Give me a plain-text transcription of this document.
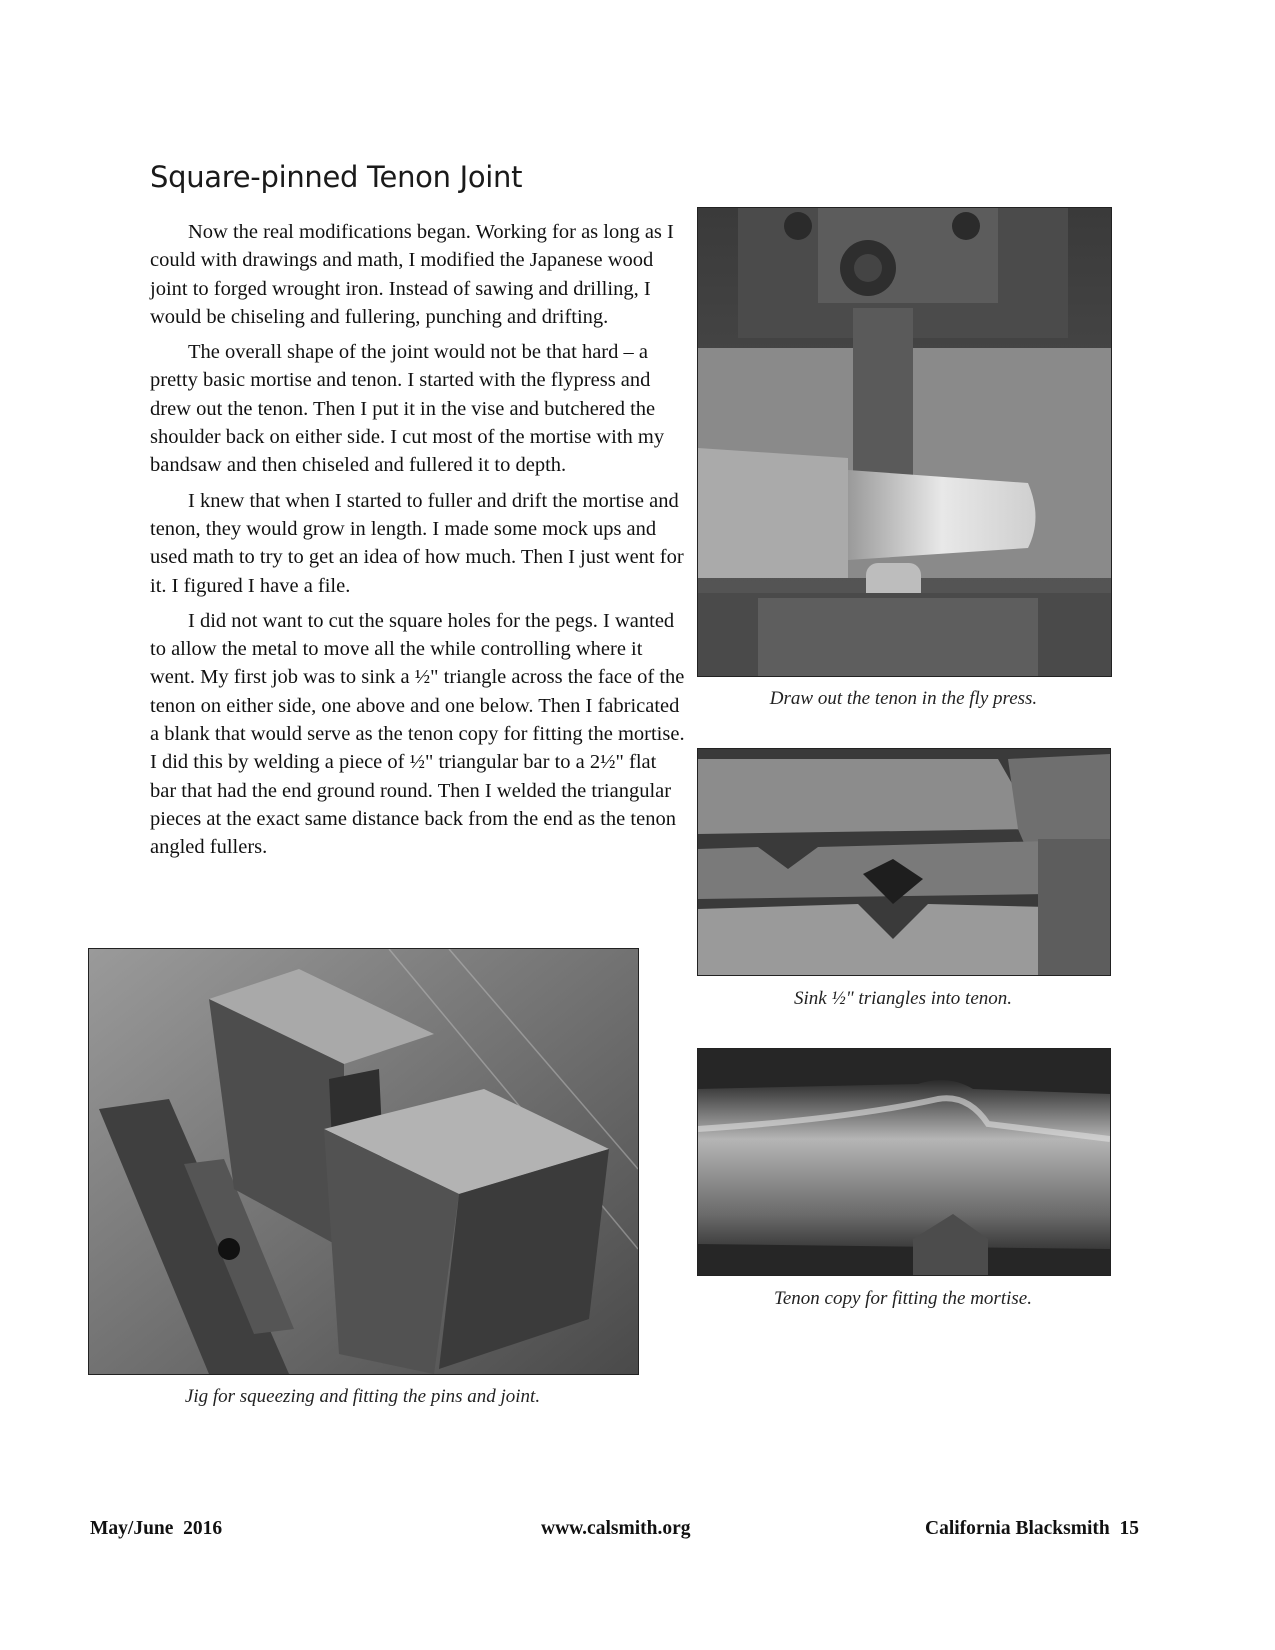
Square-pinned Tenon Joint

Now the real modifications began. Working for as long as I could with drawings and math, I modified the Japanese wood joint to forged wrought iron. Instead of sawing and drilling, I would be chiseling and fullering, punching and drifting.

The overall shape of the joint would not be that hard – a pretty basic mortise and tenon. I started with the flypress and drew out the tenon. Then I put it in the vise and butchered the shoulder back on either side. I cut most of the mortise with my bandsaw and then chiseled and fullered it to depth.

I knew that when I started to fuller and drift the mortise and tenon, they would grow in length. I made some mock ups and used math to try to get an idea of how much. Then I just went for it. I figured I have a file.

I did not want to cut the square holes for the pegs. I wanted to allow the metal to move all the while controlling where it went. My first job was to sink a ½" triangle across the face of the tenon on either side, one above and one below. Then I fabricated a blank that would serve as the tenon copy for fitting the mortise. I did this by welding a piece of ½" triangular bar to a 2½" flat bar that had the end ground round. Then I welded the triangular pieces at the exact same distance back from the end as the tenon angled fullers.

Draw out the tenon in the fly press.
Sink ½" triangles into tenon.
Tenon copy for fitting the mortise.
Jig for squeezing and fitting the pins and joint.
May/June  2016	www.calsmith.org	California Blacksmith 15
